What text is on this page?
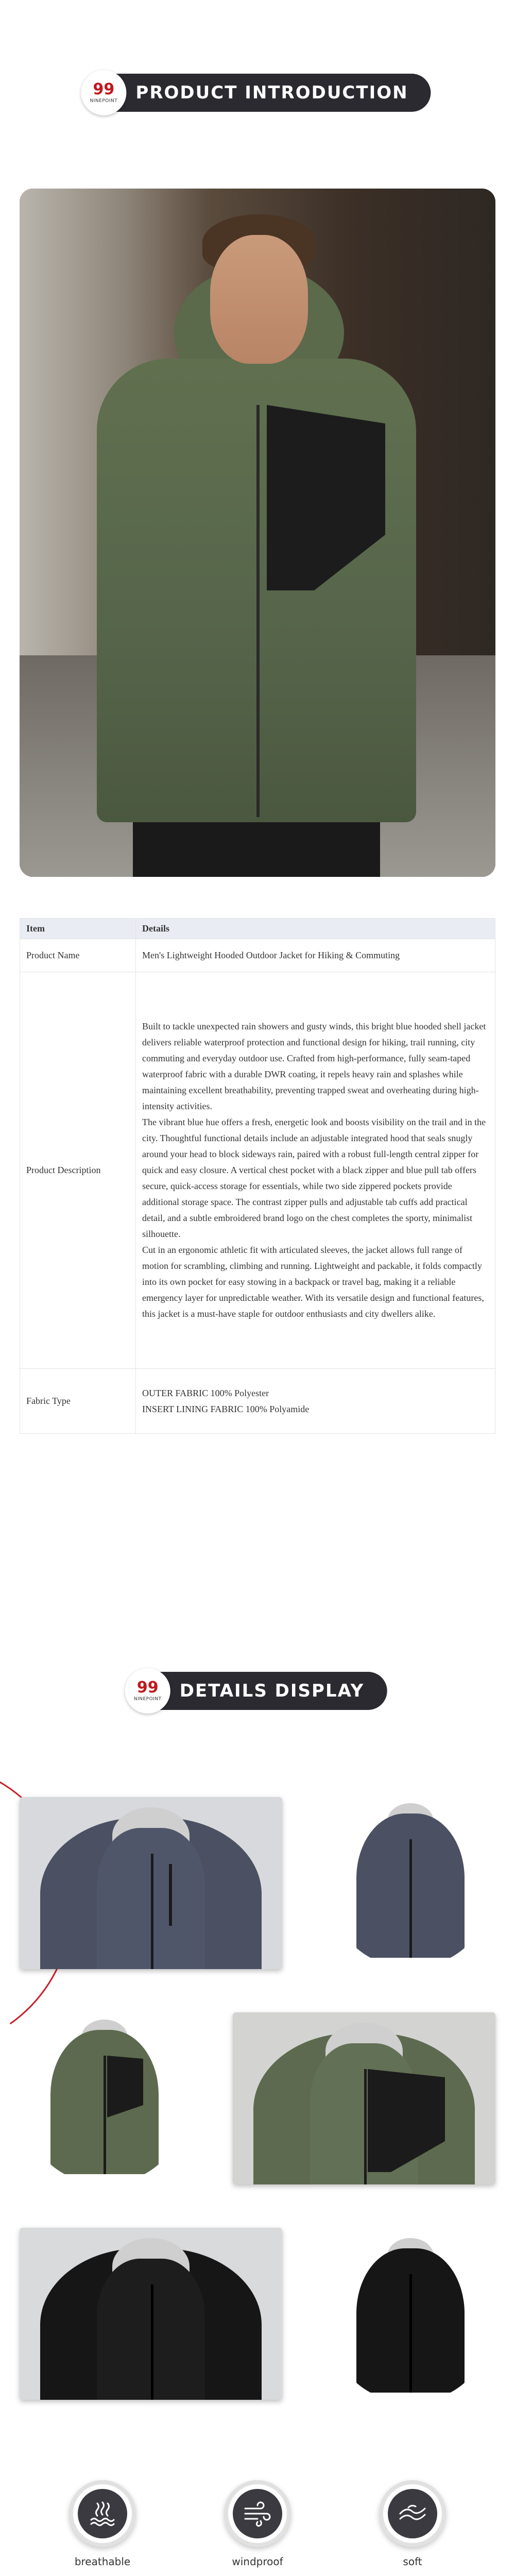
99
NINEPOINT PRODUCT INTRODUCTION
Item	Details
Product Name	Men's Lightweight Hooded Outdoor Jacket for Hiking & Commuting
Product Description	Built to tackle unexpected rain showers and gusty winds, this bright blue hooded shell jacket delivers reliable waterproof protection and functional design for hiking, trail running, city commuting and everyday outdoor use. Crafted from high-performance, fully seam-taped waterproof fabric with a durable DWR coating, it repels heavy rain and splashes while maintaining excellent breathability, preventing trapped sweat and overheating during high-intensity activities.
The vibrant blue hue offers a fresh, energetic look and boosts visibility on the trail and in the city. Thoughtful functional details include an adjustable integrated hood that seals snugly around your head to block sideways rain, paired with a robust full-length central zipper for quick and easy closure. A vertical chest pocket with a black zipper and blue pull tab offers secure, quick-access storage for essentials, while two side zippered pockets provide additional storage space. The contrast zipper pulls and adjustable tab cuffs add practical detail, and a subtle embroidered brand logo on the chest completes the sporty, minimalist silhouette.
Cut in an ergonomic athletic fit with articulated sleeves, the jacket allows full range of motion for scrambling, climbing and running. Lightweight and packable, it folds compactly into its own pocket for easy stowing in a backpack or travel bag, making it a reliable emergency layer for unpredictable weather. With its versatile design and functional features, this jacket is a must-have staple for outdoor enthusiasts and city dwellers alike.

Fabric Type	OUTER FABRIC 100% Polyester
INSERT LINING FABRIC 100% Polyamide
99
NINEPOINT DETAILS DISPLAY
breathable	windproof	soft
